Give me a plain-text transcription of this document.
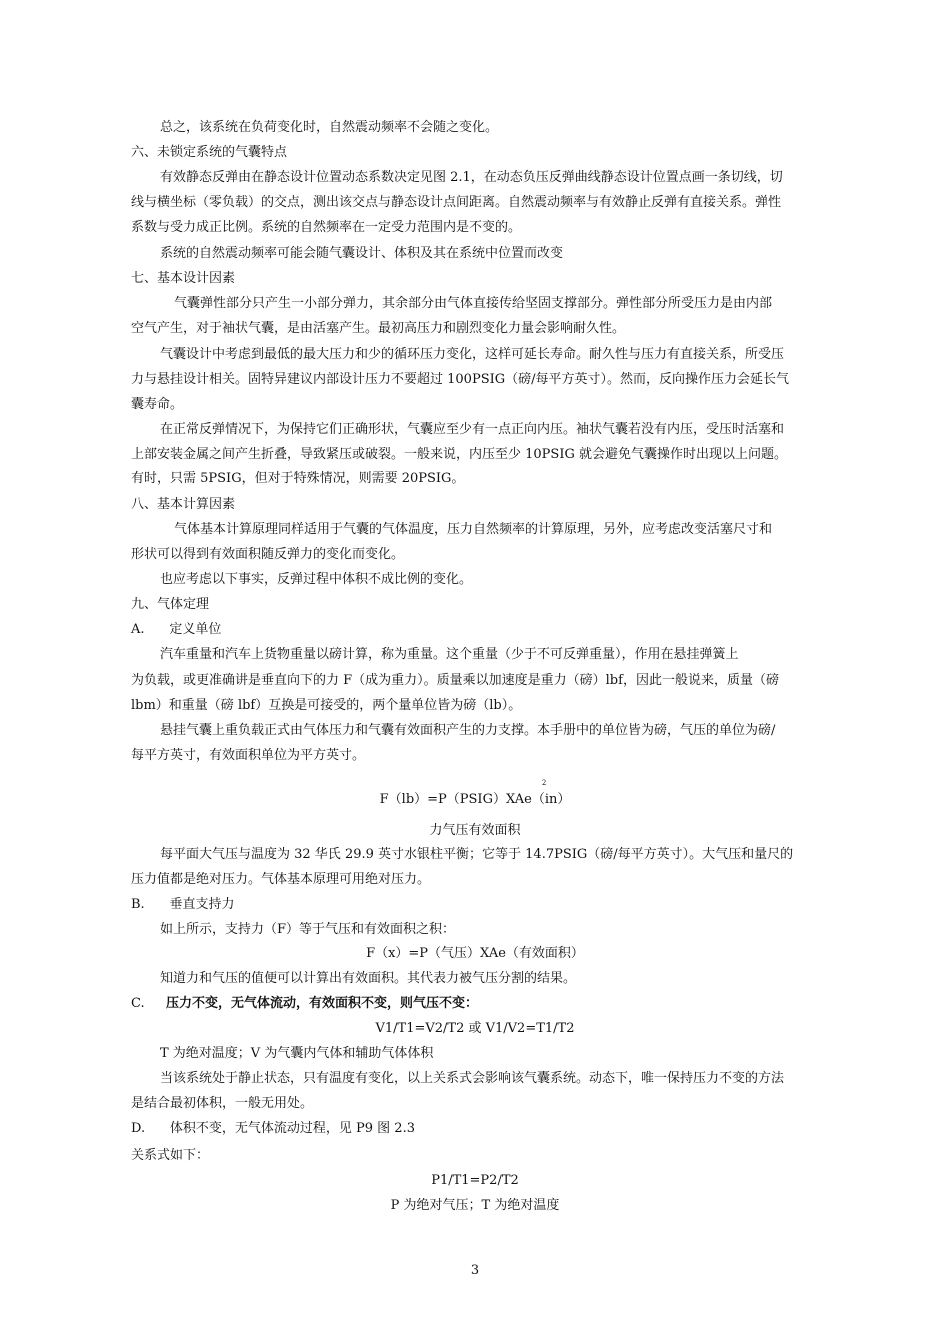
总之，该系统在负荷变化时，自然震动频率不会随之变化。
六、未锁定系统的气囊特点
有效静态反弹由在静态设计位置动态系数决定见图 2.1，在动态负压反弹曲线静态设计位置点画一条切线，切
线与横坐标（零负载）的交点，测出该交点与静态设计点间距离。自然震动频率与有效静止反弹有直接关系。弹性
系数与受力成正比例。系统的自然频率在一定受力范围内是不变的。
系统的自然震动频率可能会随气囊设计、体积及其在系统中位置而改变
七、基本设计因素
气囊弹性部分只产生一小部分弹力，其余部分由气体直接传给坚固支撑部分。弹性部分所受压力是由内部
空气产生，对于袖状气囊，是由活塞产生。最初高压力和剧烈变化力量会影响耐久性。
气囊设计中考虑到最低的最大压力和少的循环压力变化，这样可延长寿命。耐久性与压力有直接关系，所受压
力与悬挂设计相关。固特异建议内部设计压力不要超过 100PSIG（磅/每平方英寸）。然而，反向操作压力会延长气
囊寿命。
在正常反弹情况下，为保持它们正确形状，气囊应至少有一点正向内压。袖状气囊若没有内压，受压时活塞和
上部安装金属之间产生折叠，导致紧压或破裂。一般来说，内压至少 10PSIG 就会避免气囊操作时出现以上问题。
有时，只需 5PSIG，但对于特殊情况，则需要 20PSIG。
八、基本计算因素
气体基本计算原理同样适用于气囊的气体温度，压力自然频率的计算原理，另外，应考虑改变活塞尺寸和
形状可以得到有效面积随反弹力的变化而变化。
也应考虑以下事实，反弹过程中体积不成比例的变化。
九、气体定理
A.      定义单位
汽车重量和汽车上货物重量以磅计算，称为重量。这个重量（少于不可反弹重量），作用在悬挂弹簧上
为负载，或更准确讲是垂直向下的力 F（成为重力）。质量乘以加速度是重力（磅）lbf，因此一般说来，质量（磅
lbm）和重量（磅 lbf）互换是可接受的，两个量单位皆为磅（lb）。
悬挂气囊上重负载正式由气体压力和气囊有效面积产生的力支撑。本手册中的单位皆为磅，气压的单位为磅/
每平方英寸，有效面积单位为平方英寸。
F（lb）=P（PSIG）XAe（in）
2
力气压有效面积
每平面大气压与温度为 32 华氏 29.9 英寸水银柱平衡；它等于 14.7PSIG（磅/每平方英寸）。大气压和量尺的
压力值都是绝对压力。气体基本原理可用绝对压力。
B.      垂直支持力
如上所示，支持力（F）等于气压和有效面积之积：
F（x）=P（气压）XAe（有效面积）
知道力和气压的值便可以计算出有效面积。其代表力被气压分割的结果。
C. 压力不变，无气体流动，有效面积不变，则气压不变：
V1/T1=V2/T2 或 V1/V2=T1/T2
T 为绝对温度；V 为气囊内气体和辅助气体体积
当该系统处于静止状态，只有温度有变化，以上关系式会影响该气囊系统。动态下，唯一保持压力不变的方法
是结合最初体积，一般无用处。
D.      体积不变，无气体流动过程，见 P9 图 2.3
关系式如下：
P1/T1=P2/T2
P 为绝对气压；T 为绝对温度
3
